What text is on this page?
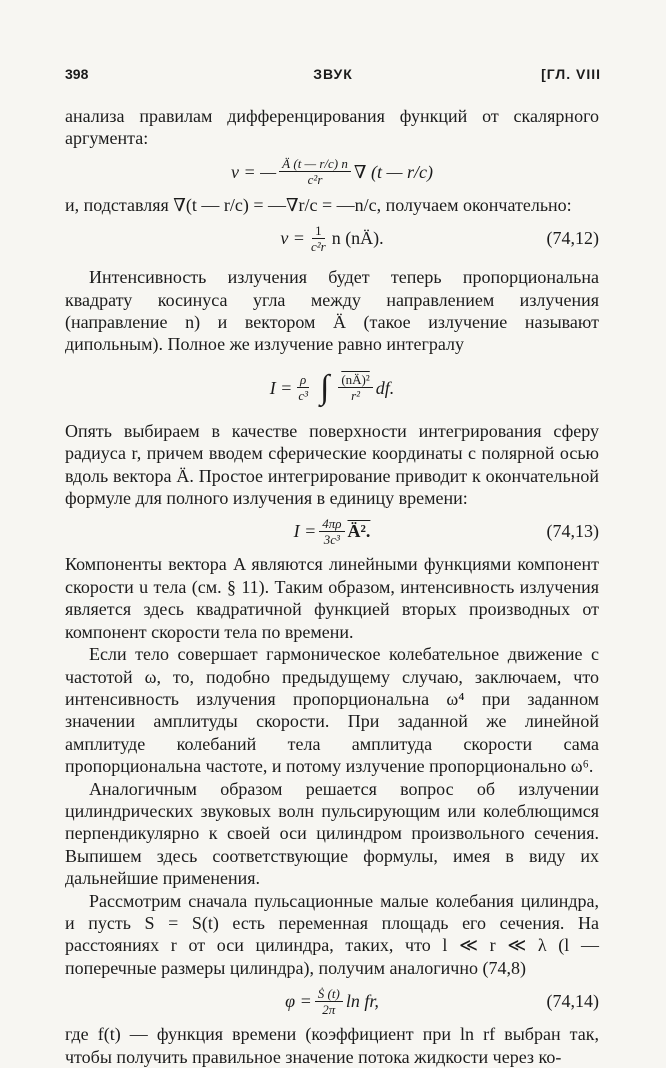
398	ЗВУК	[ГЛ. VIII

анализа правилам дифференцирования функций от скалярного аргумента:

v = — $\frac{Ä (t — r/c) n}{\text{c²r}}$ ∇ (t — r/c)

и, подставляя ∇(t — r/c) = —∇r/c = —n/c, получаем окончательно:

$v = \frac{1}{\text{c²r}}$ n (nÄ).	(74,12)

Интенсивность излучения будет теперь пропорциональна квадрату косинуса угла между направлением излучения (направление n) и вектором Ä (такое излучение называют дипольным). Полное же излучение равно интегралу

$I = \frac{\rho}{\text{c³}}$ ∫ $\frac{\text{(nÄ)²}}{\text{r²}}$ df.

Опять выбираем в качестве поверхности интегрирования сферу радиуса r, причем вводем сферические координаты с полярной осью вдоль вектора Ä. Простое интегрирование приводит к окончательной формуле для полного излучения в единицу времени:

$I = \frac{4\pi\rho}{\text{3c³}}$ Ä².	(74,13)

Компоненты вектора A являются линейными функциями компонент скорости u тела (см. § 11). Таким образом, интенсивность излучения является здесь квадратичной функцией вторых производных от компонент скорости тела по времени.

Если тело совершает гармоническое колебательное движение с частотой ω, то, подобно предыдущему случаю, заключаем, что интенсивность излучения пропорциональна ω⁴ при заданном значении амплитуды скорости. При заданной же линейной амплитуде колебаний тела амплитуда скорости сама пропорциональна частоте, и потому излучение пропорционально ω⁶.

Аналогичным образом решается вопрос об излучении цилиндрических звуковых волн пульсирующим или колеблющимся перпендикулярно к своей оси цилиндром произвольного сечения. Выпишем здесь соответствующие формулы, имея в виду их дальнейшие применения.

Рассмотрим сначала пульсационные малые колебания цилиндра, и пусть S = S(t) есть переменная площадь его сечения. На расстояниях r от оси цилиндра, таких, что l ≪ r ≪ λ (l — поперечные размеры цилиндра), получим аналогично (74,8)

$\varphi = \frac{\text{Ṡ (t)}}{2\pi}$ ln fr,	(74,14)

где f(t) — функция времени (коэффициент при ln rf выбран так, чтобы получить правильное значение потока жидкости через ко-
